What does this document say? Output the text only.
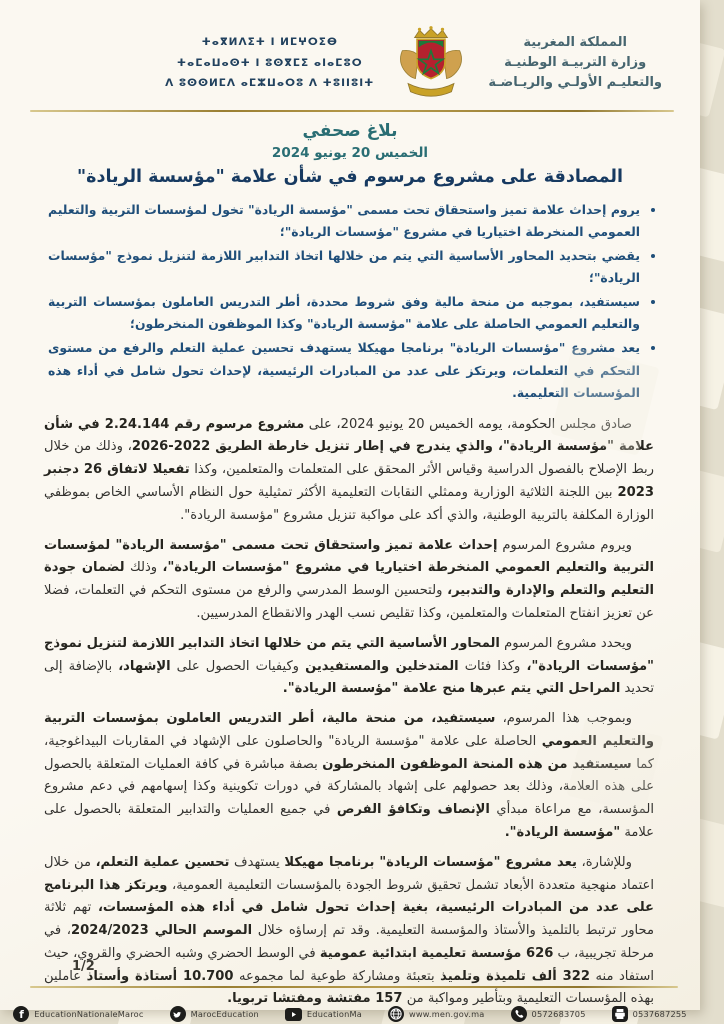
المملكة المغربية
وزارة التربيـة الوطنيـة
والتعليـم الأولـي والريـاضـة
ⵜⴰⴳⵍⴷⵉⵜ ⵏ ⵍⵎⵖⵔⵉⴱ
ⵜⴰⵎⴰⵡⴰⵙⵜ ⵏ ⵓⵙⴳⵎⵉ ⴰⵏⴰⵎⵓⵔ
ⴷ ⵓⵙⵙⵍⵎⴷ ⴰⵎⵣⵡⴰⵔⵓ ⴷ ⵜⵓⵏⵏⵓⵏⵜ
بلاغ صحفي
الخميس 20 يونيو 2024
المصادقة على مشروع مرسوم في شأن علامة "مؤسسة الريادة"
• يروم إحداث علامة تميز واستحقاق تحت مسمى "مؤسسة الريادة" تخول لمؤسسات التربية والتعليم العمومي المنخرطة اختياريا في مشروع "مؤسسات الريادة"؛
• يقضي بتحديد المحاور الأساسية التي يتم من خلالها اتخاذ التدابير اللازمة لتنزيل نموذج "مؤسسات الريادة"؛
• سيستفيد، بموجبه من منحة مالية وفق شروط محددة، أطر التدريس العاملون بمؤسسات التربية والتعليم العمومي الحاصلة على علامة "مؤسسة الريادة" وكذا الموظفون المنخرطون؛
• يعد مشروع "مؤسسات الريادة" برنامجا مهيكلا يستهدف تحسين عملية التعلم والرفع من مستوى التحكم في التعلمات، ويرتكز على عدد من المبادرات الرئيسية، لإحداث تحول شامل في أداء هذه المؤسسات التعليمية.

صادق مجلس الحكومة، يومه الخميس 20 يونيو 2024، على مشروع مرسوم رقم 2.24.144 في شأن علامة "مؤسسة الريادة"، والذي يندرج في إطار تنزيل خارطة الطريق 2022-2026، وذلك من خلال ربط الإصلاح بالفصول الدراسية وقياس الأثر المحقق على المتعلمات والمتعلمين، وكذا تفعيلا لاتفاق 26 دجنبر 2023 بين اللجنة الثلاثية الوزارية وممثلي النقابات التعليمية الأكثر تمثيلية حول النظام الأساسي الخاص بموظفي الوزارة المكلفة بالتربية الوطنية، والذي أكد على مواكبة تنزيل مشروع "مؤسسة الريادة".

ويروم مشروع المرسوم إحداث علامة تميز واستحقاق تحت مسمى "مؤسسة الريادة" لمؤسسات التربية والتعليم العمومي المنخرطة اختياريا في مشروع "مؤسسات الريادة"، وذلك لضمان جودة التعليم والتعلم والإدارة والتدبير، ولتحسين الوسط المدرسي والرفع من مستوى التحكم في التعلمات، فضلا عن تعزيز انفتاح المتعلمات والمتعلمين، وكذا تقليص نسب الهدر والانقطاع المدرسيين.

ويحدد مشروع المرسوم المحاور الأساسية التي يتم من خلالها اتخاذ التدابير اللازمة لتنزيل نموذج "مؤسسات الريادة"، وكذا فئات المتدخلين والمستفيدين وكيفيات الحصول على الإشهاد، بالإضافة إلى تحديد المراحل التي يتم عبرها منح علامة "مؤسسة الريادة".

وبموجب هذا المرسوم، سيستفيد، من منحة مالية، أطر التدريس العاملون بمؤسسات التربية والتعليم العمومي الحاصلة على علامة "مؤسسة الريادة" والحاصلون على الإشهاد في المقاربات البيداغوجية، كما سيستفيد من هذه المنحة الموظفون المنخرطون بصفة مباشرة في كافة العمليات المتعلقة بالحصول على هذه العلامة، وذلك بعد حصولهم على إشهاد بالمشاركة في دورات تكوينية وكذا إسهامهم في دعم مشروع المؤسسة، مع مراعاة مبدأي الإنصاف وتكافؤ الفرص في جميع العمليات والتدابير المتعلقة بالحصول على علامة "مؤسسة الريادة".

وللإشارة، يعد مشروع "مؤسسات الريادة" برنامجا مهيكلا يستهدف تحسين عملية التعلم، من خلال اعتماد منهجية متعددة الأبعاد تشمل تحقيق شروط الجودة بالمؤسسات التعليمية العمومية، ويرتكز هذا البرنامج على عدد من المبادرات الرئيسية، بغية إحداث تحول شامل في أداء هذه المؤسسات، تهم ثلاثة محاور ترتبط بالتلميذ والأستاذ والمؤسسة التعليمية. وقد تم إرساؤه خلال الموسم الحالي 2024/2023، في مرحلة تجريبية، ب 626 مؤسسة تعليمية ابتدائية عمومية في الوسط الحضري وشبه الحضري والقروي، حيث استفاد منه 322 ألف تلميذة وتلميذ بتعبئة ومشاركة طوعية لما مجموعه 10.700 أستاذة وأستاذ عاملين بهذه المؤسسات التعليمية وبتأطير ومواكبة من 157 مفتشة ومفتشا تربويا.

1/2
f EducationNationaleMaroc	MarocEducation	EducationMa	www.men.gov.ma	0572683705	0537687255
